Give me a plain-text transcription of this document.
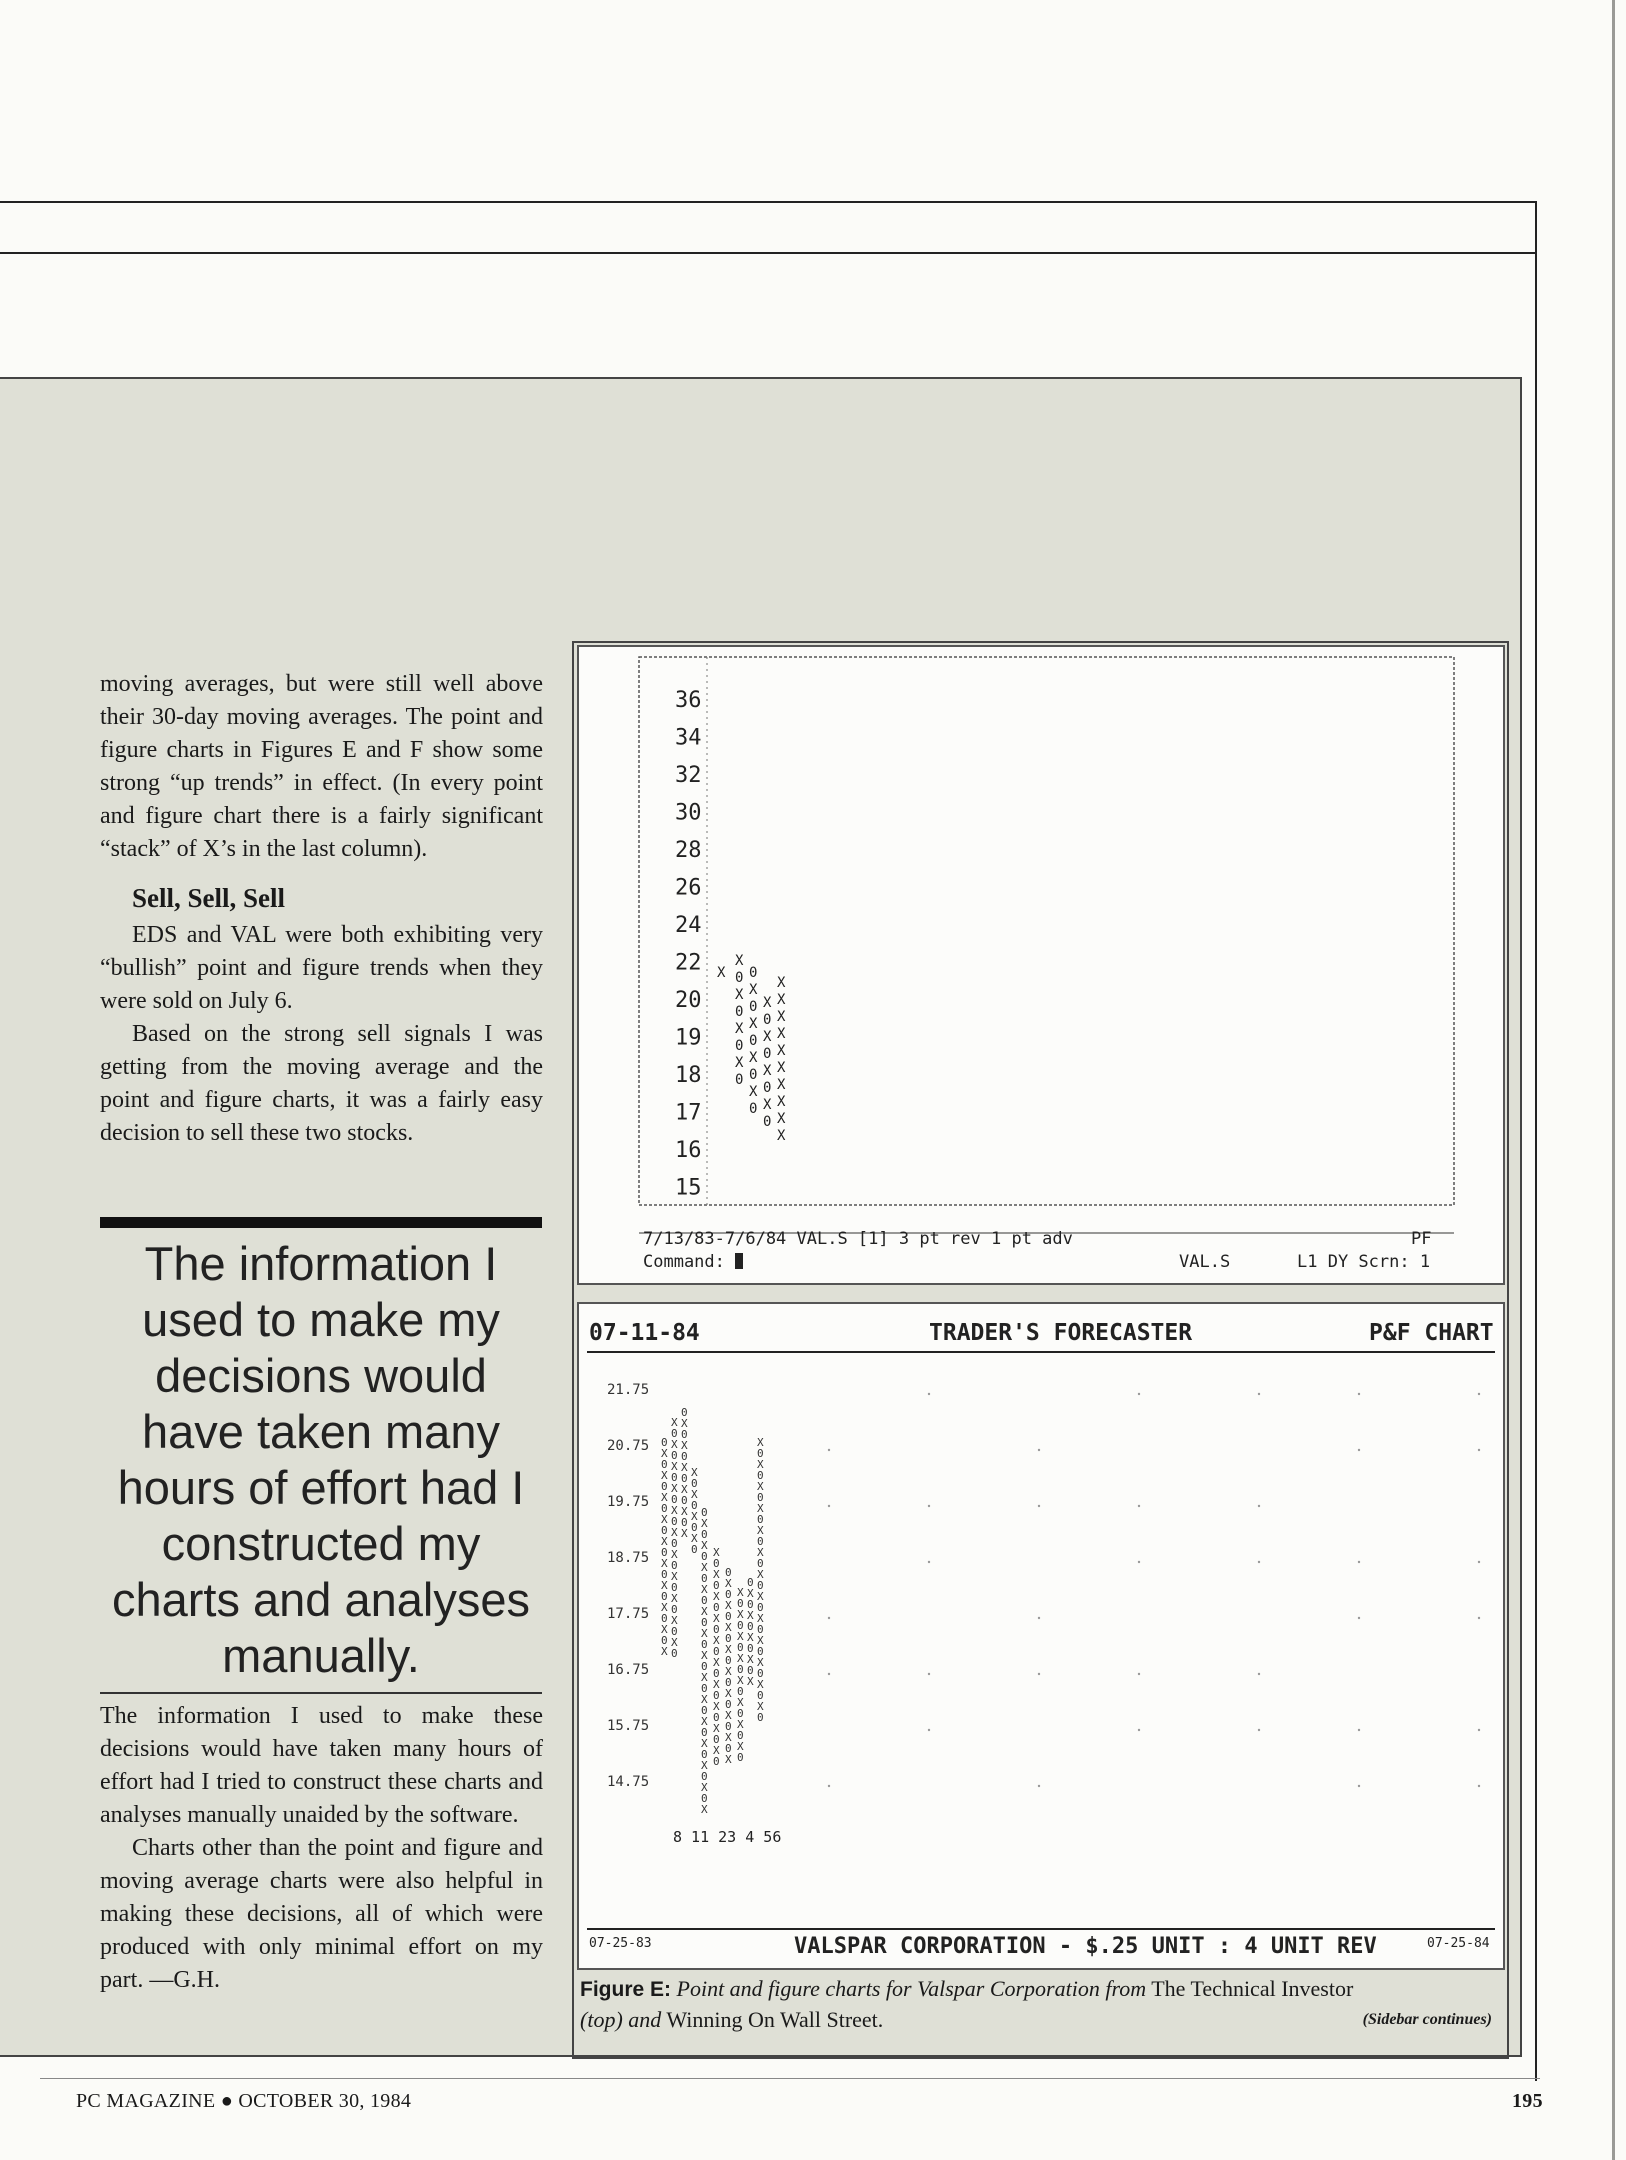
moving averages, but were still well above their 30-day moving averages. The point and figure charts in Figures E and F show some strong “up trends” in effect. (In every point and figure chart there is a fairly significant “stack” of X’s in the last column).

Sell, Sell, Sell

EDS and VAL were both exhibiting very “bullish” point and figure trends when they were sold on July 6.

Based on the strong sell signals I was getting from the moving average and the point and figure charts, it was a fairly easy decision to sell these two stocks.

The information I used to make my decisions would have taken many hours of effort had I constructed my charts and analyses manually.

The information I used to make these decisions would have taken many hours of effort had I tried to construct these charts and analyses manually unaided by the software.

Charts other than the point and figure and moving average charts were also helpful in making these decisions, all of which were produced with only minimal effort on my part. —G.H.

36
34
32
30
28
26
24
22
20
19
18
17
16
15
X
X
0
X
0
X
0
X
0
0
X
0
X
0
X
0
X
0
X
0
X
0
X
0
X
0
X
X
X
X
X
X
X
X
X
X
7/13/83-7/6/84 VAL.S [1] 3 pt rev 1 pt adv	PF
Command:	VAL.S	L1 DY Scrn: 1
07-11-84	TRADER'S FORECASTER	P&F CHART
21.75
20.75
19.75
18.75
17.75
16.75
15.75
14.75
0
X
0
X
0
X
0
X
0
X
0
X
0
X
0
X
0
X
0
X
X
0
X
0
X
0
X
0
X
0
X
0
X
0
X
0
X
0
X
0
X
0
0
X
0
X
0
X
0
X
0
X
0
X
X
0
X
0
X
0
X
0
0
X
0
X
0
X
0
X
0
X
0
X
0
X
0
X
0
X
0
X
0
X
0
X
0
X
0
X
X
0
X
0
X
0
X
0
X
0
X
0
X
0
X
0
X
0
X
0
0
X
0
X
0
X
0
X
0
X
0
X
0
X
0
X
0
X
X
0
X
0
X
0
X
0
X
0
X
0
X
0
X
0
0
X
0
X
0
X
0
X
0
X
X
0
X
0
X
0
X
0
X
0
X
0
X
0
X
0
X
0
X
0
X
0
X
0
X
0
8 11 23 4 56
07-25-83	VALSPAR CORPORATION - $.25 UNIT : 4 UNIT REV	07-25-84
Figure E: Point and figure charts for Valspar Corporation from The Technical Investor
(top) and Winning On Wall Street.	(Sidebar continues)
PC MAGAZINE ● OCTOBER 30, 1984	195
